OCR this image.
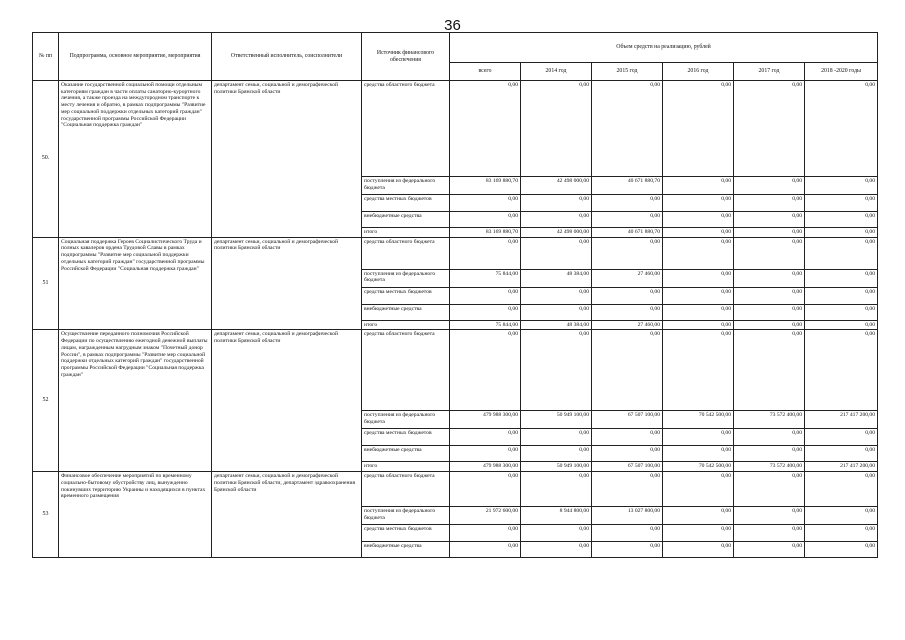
36
№ пп	Подпрограмма, основное мероприятие, мероприятия	Ответственный исполнитель, соисполнители	Источник финансового обеспечения	Объем средств на реализацию, рублей					
				всего	2014 год	2015 год	2016 год	2017 год	2018 -2020 годы
50.	Оказание государственной социальной помощи отдельным категориям граждан в части оплаты санаторно-курортного лечения, а также проезда на междугородном транспорте к месту лечения и обратно, в рамках подпрограммы "Развитие мер социальной поддержки отдельных категорий граждан" государственной программы Российской Федерации "Социальная поддержка граждан"	департамент семьи, социальной и демографической политики Брянской области	средства областного бюджета	0,00	0,00	0,00	0,00	0,00	0,00
			поступления из федерального бюджета	83 169 880,70	42 498 000,00	40 671 880,70	0,00	0,00	0,00
			средства местных бюджетов	0,00	0,00	0,00	0,00	0,00	0,00
			внебюджетные средства	0,00	0,00	0,00	0,00	0,00	0,00
			итого	83 169 880,70	42 498 000,00	40 671 880,70	0,00	0,00	0,00
51	Социальная поддержка Героев Социалистического Труда и полных кавалеров ордена Трудовой Славы в рамках подпрограммы "Развитие мер социальной поддержки отдельных категорий граждан" государственной программы Российской Федерации "Социальная поддержка граждан"	департамент семьи, социальной и демографической политики Брянской области	средства областного бюджета	0,00	0,00	0,00	0,00	0,00	0,00
			поступления из федерального бюджета	75 844,00	48 384,00	27 460,00	0,00	0,00	0,00
			средства местных бюджетов	0,00	0,00	0,00	0,00	0,00	0,00
			внебюджетные средства	0,00	0,00	0,00	0,00	0,00	0,00
			итого	75 844,00	48 384,00	27 460,00	0,00	0,00	0,00
52	Осуществление переданного полномочия Российской Федерации по осуществлению ежегодной денежной выплаты лицам, награжденным нагрудным знаком "Почетный донор России", в рамках подпрограммы "Развитие мер социальной поддержки отдельных категорий граждан" государственной программы Российской Федерации "Социальная поддержка граждан"	департамент семьи, социальной и демографической политики Брянской области	средства областного бюджета	0,00	0,00	0,00	0,00	0,00	0,00
			поступления из федерального бюджета	479 988 300,00	50 949 100,00	67 507 100,00	70 542 500,00	73 572 400,00	217 417 200,00
			средства местных бюджетов	0,00	0,00	0,00	0,00	0,00	0,00
			внебюджетные средства	0,00	0,00	0,00	0,00	0,00	0,00
			итого	479 988 300,00	50 949 100,00	67 507 100,00	70 542 500,00	73 572 400,00	217 417 200,00
53	Финансовое обеспечение мероприятий по временному социально-бытовому обустройству лиц, вынужденно покинувших территорию Украины и находящихся в пунктах временного размещения	департамент семьи, социальной и демографической политики Брянской области, департамент здравоохранения Брянской области	средства областного бюджета	0,00	0,00	0,00	0,00	0,00	0,00
			поступления из федерального бюджета	21 972 600,00	8 944 800,00	13 027 800,00	0,00	0,00	0,00
			средства местных бюджетов	0,00	0,00	0,00	0,00	0,00	0,00
			внебюджетные средства	0,00	0,00	0,00	0,00	0,00	0,00
